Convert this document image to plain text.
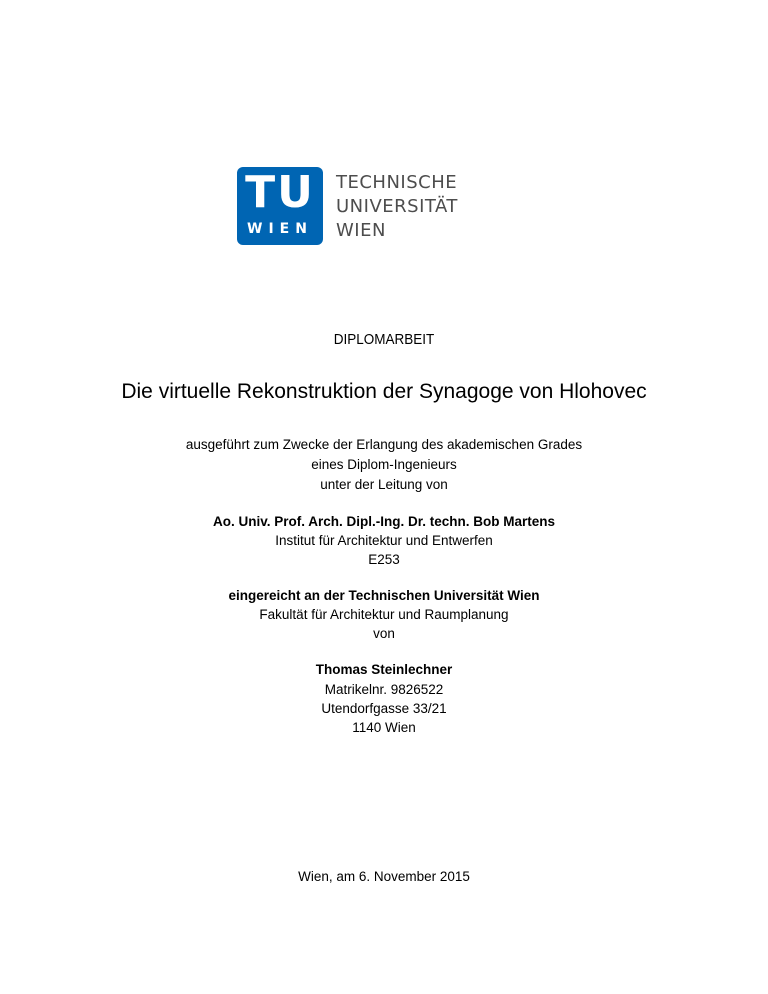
TU
WIEN
TECHNISCHE
UNIVERSITÄT
WIEN
DIPLOMARBEIT
Die virtuelle Rekonstruktion der Synagoge von Hlohovec
ausgeführt zum Zwecke der Erlangung des akademischen Grades
eines Diplom-Ingenieurs
unter der Leitung von
Ao. Univ. Prof. Arch. Dipl.-Ing. Dr. techn. Bob Martens
Institut für Architektur und Entwerfen
E253
eingereicht an der Technischen Universität Wien
Fakultät für Architektur und Raumplanung
von
Thomas Steinlechner
Matrikelnr. 9826522
Utendorfgasse 33/21
1140 Wien
Wien, am 6. November 2015
